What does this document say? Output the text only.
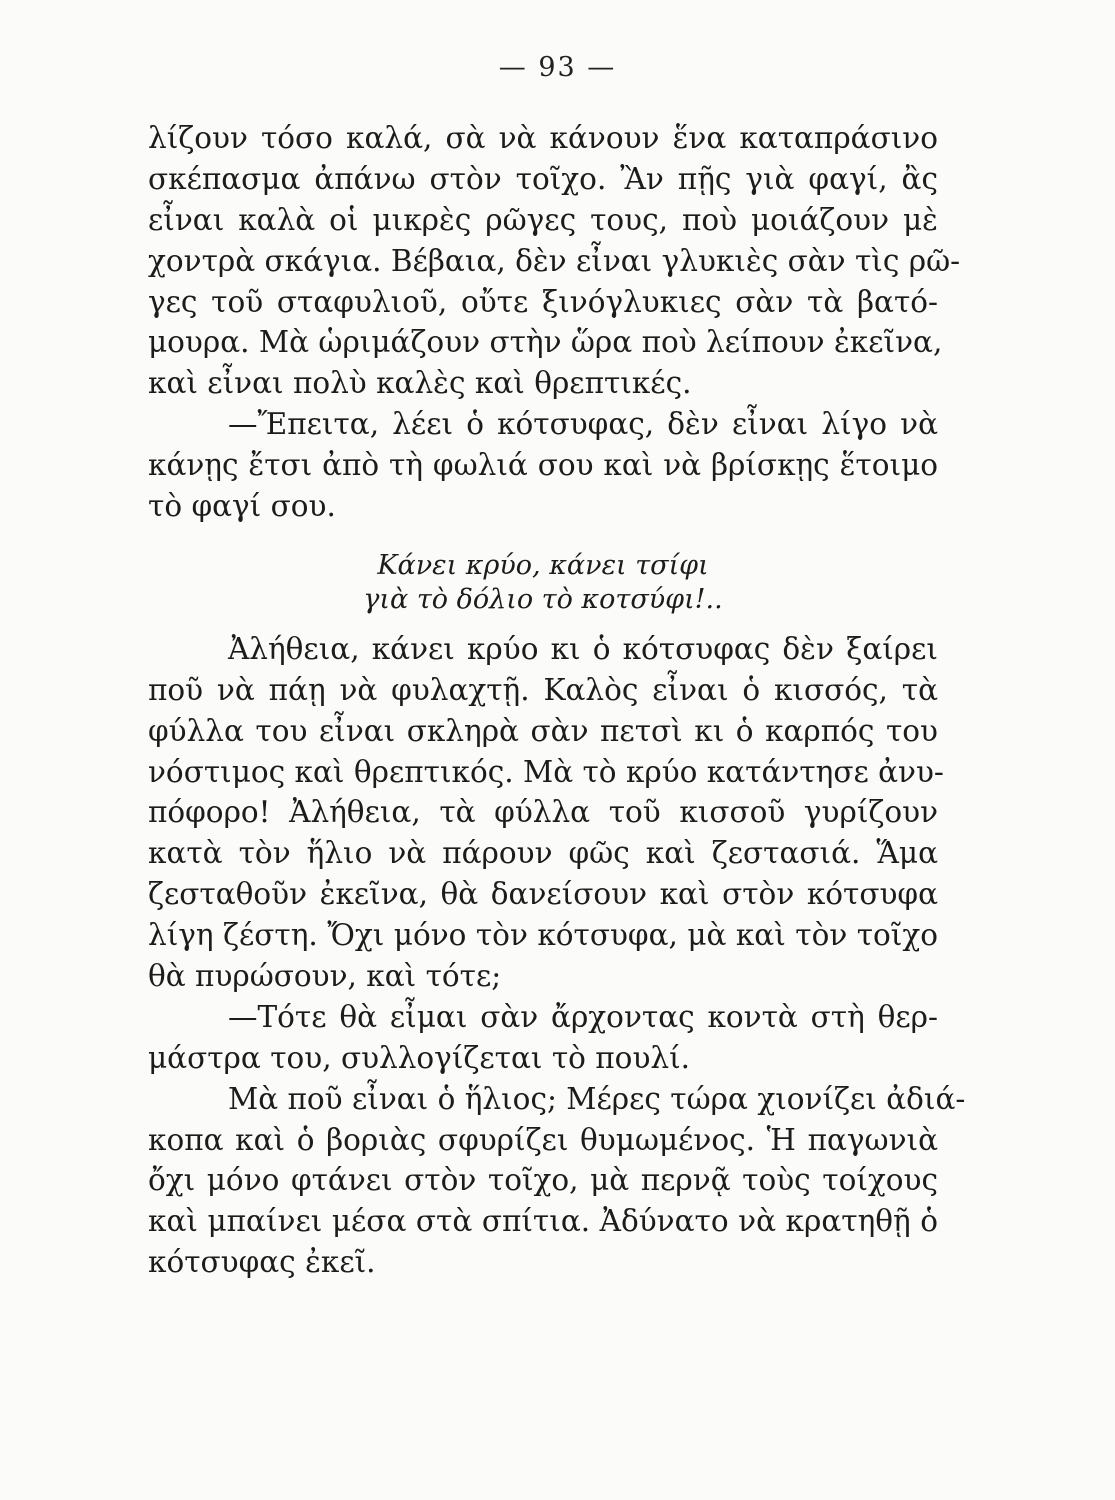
— 93 —
λίζουν τόσο καλά, σὰ νὰ κάνουν ἕνα καταπράσινο
σκέπασμα ἀπάνω στὸν τοῖχο. Ἂν πῇς γιὰ φαγί, ἂς
εἶναι καλὰ οἱ μικρὲς ρῶγες τους, ποὺ μοιάζουν μὲ
χοντρὰ σκάγια. Βέβαια, δὲν εἶναι γλυκιὲς σὰν τὶς ρῶ-
γες τοῦ σταφυλιοῦ, οὔτε ξινόγλυκιες σὰν τὰ βατό-
μουρα. Μὰ ὡριμάζουν στὴν ὥρα ποὺ λείπουν ἐκεῖνα,
καὶ εἶναι πολὺ καλὲς καὶ θρεπτικές.
—Ἔπειτα, λέει ὁ κότσυφας, δὲν εἶναι λίγο νὰ
κάνῃς ἔτσι ἀπὸ τὴ φωλιά σου καὶ νὰ βρίσκῃς ἕτοιμο
τὸ φαγί σου.
Κάνει κρύο, κάνει τσίφι
γιὰ τὸ δόλιο τὸ κοτσύφι!..
Ἀλήθεια, κάνει κρύο κι ὁ κότσυφας δὲν ξαίρει
ποῦ νὰ πάῃ νὰ φυλαχτῇ. Καλὸς εἶναι ὁ κισσός, τὰ
φύλλα του εἶναι σκληρὰ σὰν πετσὶ κι ὁ καρπός του
νόστιμος καὶ θρεπτικός. Μὰ τὸ κρύο κατάντησε ἀνυ-
πόφορο! Ἀλήθεια, τὰ φύλλα τοῦ κισσοῦ γυρίζουν
κατὰ τὸν ἥλιο νὰ πάρουν φῶς καὶ ζεστασιά. Ἅμα
ζεσταθοῦν ἐκεῖνα, θὰ δανείσουν καὶ στὸν κότσυφα
λίγη ζέστη. Ὄχι μόνο τὸν κότσυφα, μὰ καὶ τὸν τοῖχο
θὰ πυρώσουν, καὶ τότε;
—Τότε θὰ εἶμαι σὰν ἄρχοντας κοντὰ στὴ θερ-
μάστρα του, συλλογίζεται τὸ πουλί.
Μὰ ποῦ εἶναι ὁ ἥλιος; Μέρες τώρα χιονίζει ἀδιά-
κοπα καὶ ὁ βοριὰς σφυρίζει θυμωμένος. Ἡ παγωνιὰ
ὄχι μόνο φτάνει στὸν τοῖχο, μὰ περνᾷ τοὺς τοίχους
καὶ μπαίνει μέσα στὰ σπίτια. Ἀδύνατο νὰ κρατηθῇ ὁ
κότσυφας ἐκεῖ.
